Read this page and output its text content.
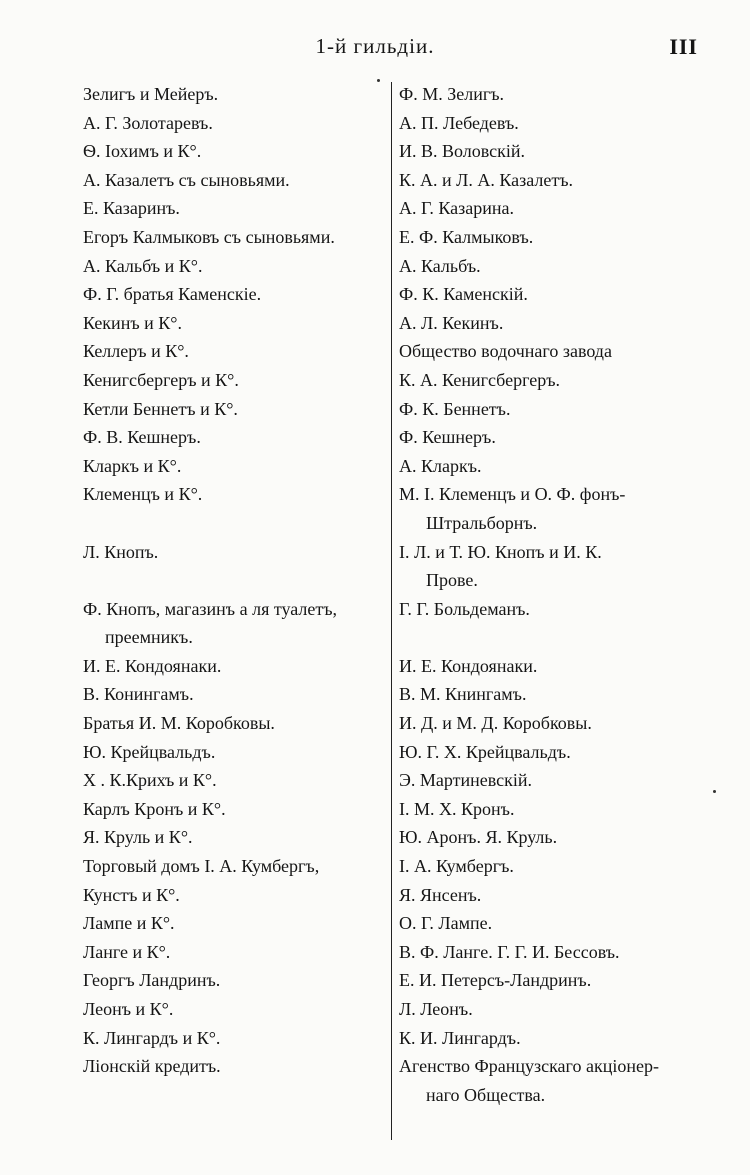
1-й гильдіи.	III
Зелигъ и Мейеръ.
А. Г. Золотаревъ.
Ѳ. Іохимъ и К°.
А. Казалетъ съ сыновьями.
Е. Казаринъ.
Егоръ Калмыковъ съ сыновьями.
А. Кальбъ и К°.
Ф. Г. братья Каменскіе.
Кекинъ и К°.
Келлеръ и К°.
Кенигсбергеръ и К°.
Кетли Беннетъ и К°.
Ф. В. Кешнеръ.
Кларкъ и К°.
Клеменцъ и К°.
Л. Кнопъ.
Ф. Кнопъ, магазинъ а ля туалетъ,
преемникъ.
И. Е. Кондоянаки.
В. Конингамъ.
Братья И. М. Коробковы.
Ю. Крейцвальдъ.
Х . К.Крихъ и К°.
Карлъ Кронъ и К°.
Я. Круль и К°.
Торговый домъ І. А. Кумбергъ,
Кунстъ и К°.
Лампе и К°.
Ланге и К°.
Георгъ Ландринъ.
Леонъ и К°.
К. Лингардъ и К°.
Ліонскій кредитъ.
Ф. М. Зелигъ.
А. П. Лебедевъ.
И. В. Воловскій.
К. А. и Л. А. Казалетъ.
А. Г. Казарина.
Е. Ф. Калмыковъ.
А. Кальбъ.
Ф. К. Каменскій.
А. Л. Кекинъ.
Общество водочнаго завода
К. А. Кенигсбергеръ.
Ф. К. Беннетъ.
Ф. Кешнеръ.
А. Кларкъ.
М. І. Клеменцъ и О. Ф. фонъ-
Штральборнъ.
І. Л. и Т. Ю. Кнопъ и И. К.
Прове.
Г. Г. Больдеманъ.
И. Е. Кондоянаки.
В. М. Кнингамъ.
И. Д. и М. Д. Коробковы.
Ю. Г. Х. Крейцвальдъ.
Э. Мартиневскій.
І. М. Х. Кронъ.
Ю. Аронъ. Я. Круль.
І. А. Кумбергъ.
Я. Янсенъ.
О. Г. Лампе.
В. Ф. Ланге. Г. Г. И. Бессовъ.
Е. И. Петерсъ-Ландринъ.
Л. Леонъ.
К. И. Лингардъ.
Агенство Французскаго акціонер-
наго Общества.
